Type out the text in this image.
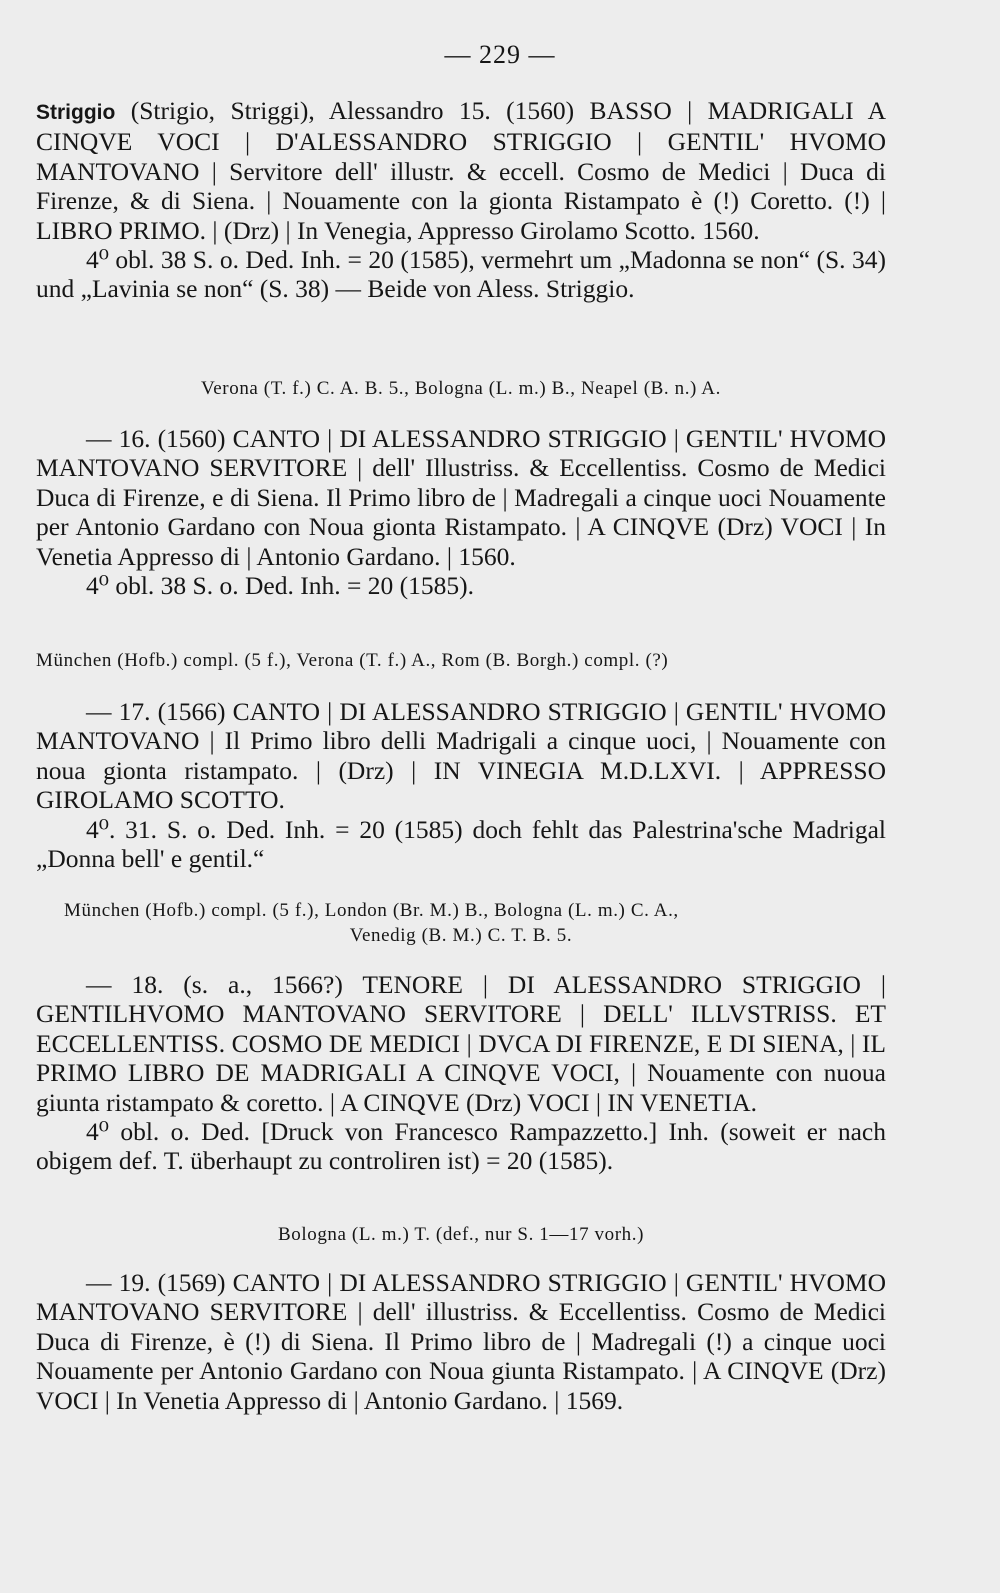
— 229 —

Striggio (Strigio, Striggi), Alessandro 15. (1560) BASSO | MADRIGALI A CINQVE VOCI | D'ALESSANDRO STRIGGIO | GENTIL' HVOMO MANTOVANO | Servitore dell' illustr. & eccell. Cosmo de Medici | Duca di Firenze, & di Siena. | Nouamente con la gionta Ristampato è (!) Coretto. (!) | LIBRO PRIMO. | (Drz) | In Venegia, Appresso Girolamo Scotto. 1560.

4⁰ obl. 38 S. o. Ded. Inh. = 20 (1585), vermehrt um „Madonna se non“ (S. 34) und „Lavinia se non“ (S. 38) — Beide von Aless. Striggio.

Verona (T. f.) C. A. B. 5., Bologna (L. m.) B., Neapel (B. n.) A.

— 16. (1560) CANTO | DI ALESSANDRO STRIGGIO | GENTIL' HVOMO MANTOVANO SERVITORE | dell' Illustriss. & Eccellentiss. Cosmo de Medici Duca di Firenze, e di Siena. Il Primo libro de | Madregali a cinque uoci Nouamente per Antonio Gardano con Noua gionta Ristampato. | A CINQVE (Drz) VOCI | In Venetia Appresso di | Antonio Gardano. | 1560.

4⁰ obl. 38 S. o. Ded. Inh. = 20 (1585).

München (Hofb.) compl. (5 f.), Verona (T. f.) A., Rom (B. Borgh.) compl. (?)

— 17. (1566) CANTO | DI ALESSANDRO STRIGGIO | GENTIL' HVOMO MANTOVANO | Il Primo libro delli Madrigali a cinque uoci, | Nouamente con noua gionta ristampato. | (Drz) | IN VINEGIA M.D.LXVI. | APPRESSO GIROLAMO SCOTTO.

4⁰. 31. S. o. Ded. Inh. = 20 (1585) doch fehlt das Palestrina'sche Madrigal „Donna bell' e gentil.“

München (Hofb.) compl. (5 f.), London (Br. M.) B., Bologna (L. m.) C. A.,
Venedig (B. M.) C. T. B. 5.

— 18. (s. a., 1566?) TENORE | DI ALESSANDRO STRIGGIO | GENTILHVOMO MANTOVANO SERVITORE | DELL' ILLVSTRISS. ET ECCELLENTISS. COSMO DE MEDICI | DVCA DI FIRENZE, E DI SIENA, | IL PRIMO LIBRO DE MADRIGALI A CINQVE VOCI, | Nouamente con nuoua giunta ristampato & coretto. | A CINQVE (Drz) VOCI | IN VENETIA.

4⁰ obl. o. Ded. [Druck von Francesco Rampazzetto.] Inh. (soweit er nach obigem def. T. überhaupt zu controliren ist) = 20 (1585).

Bologna (L. m.) T. (def., nur S. 1—17 vorh.)

— 19. (1569) CANTO | DI ALESSANDRO STRIGGIO | GENTIL' HVOMO MANTOVANO SERVITORE | dell' illustriss. & Eccellentiss. Cosmo de Medici Duca di Firenze, è (!) di Siena. Il Primo libro de | Madregali (!) a cinque uoci Nouamente per Antonio Gardano con Noua giunta Ristampato. | A CINQVE (Drz) VOCI | In Venetia Appresso di | Antonio Gardano. | 1569.
